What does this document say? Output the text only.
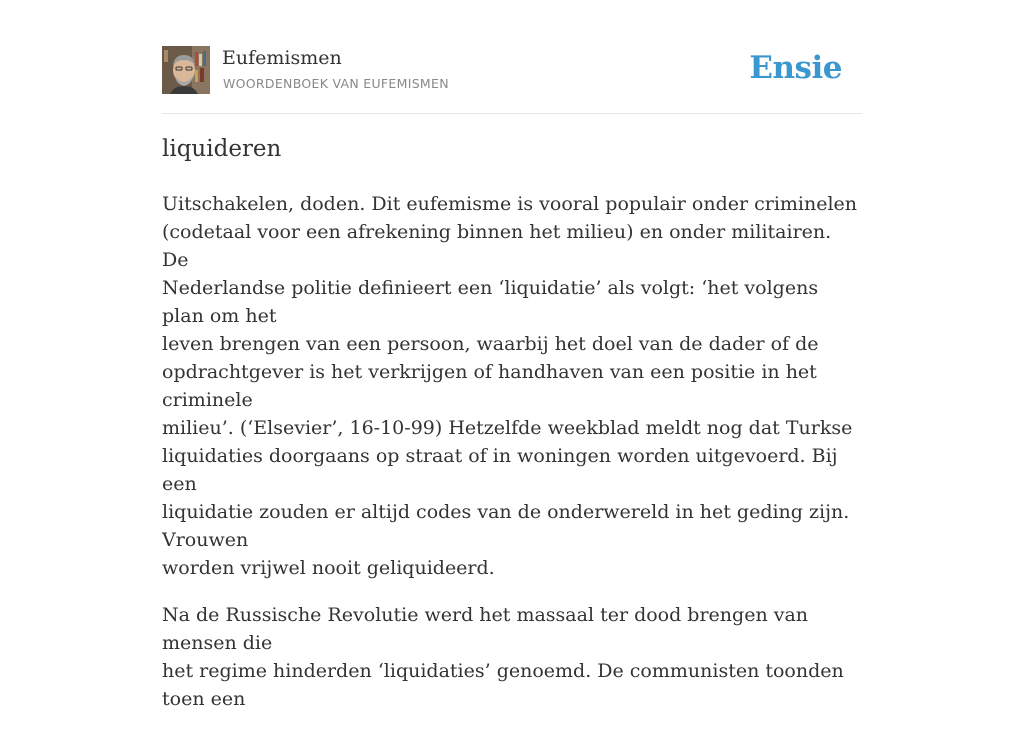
Eufemismen
WOORDENBOEK VAN EUFEMISMEN	Ensie
liquideren

Uitschakelen, doden. Dit eufemisme is vooral populair onder criminelen
(codetaal voor een afrekening binnen het milieu) en onder militairen. De
Nederlandse politie definieert een ‘liquidatie’ als volgt: ‘het volgens plan om het
leven brengen van een persoon, waarbij het doel van de dader of de
opdrachtgever is het verkrijgen of handhaven van een positie in het criminele
milieu’. (‘Elsevier’, 16-10-99) Hetzelfde weekblad meldt nog dat Turkse
liquidaties doorgaans op straat of in woningen worden uitgevoerd. Bij een
liquidatie zouden er altijd codes van de onderwereld in het geding zijn. Vrouwen
worden vrijwel nooit geliquideerd.

Na de Russische Revolutie werd het massaal ter dood brengen van mensen die
het regime hinderden ‘liquidaties’ genoemd. De communisten toonden toen een
